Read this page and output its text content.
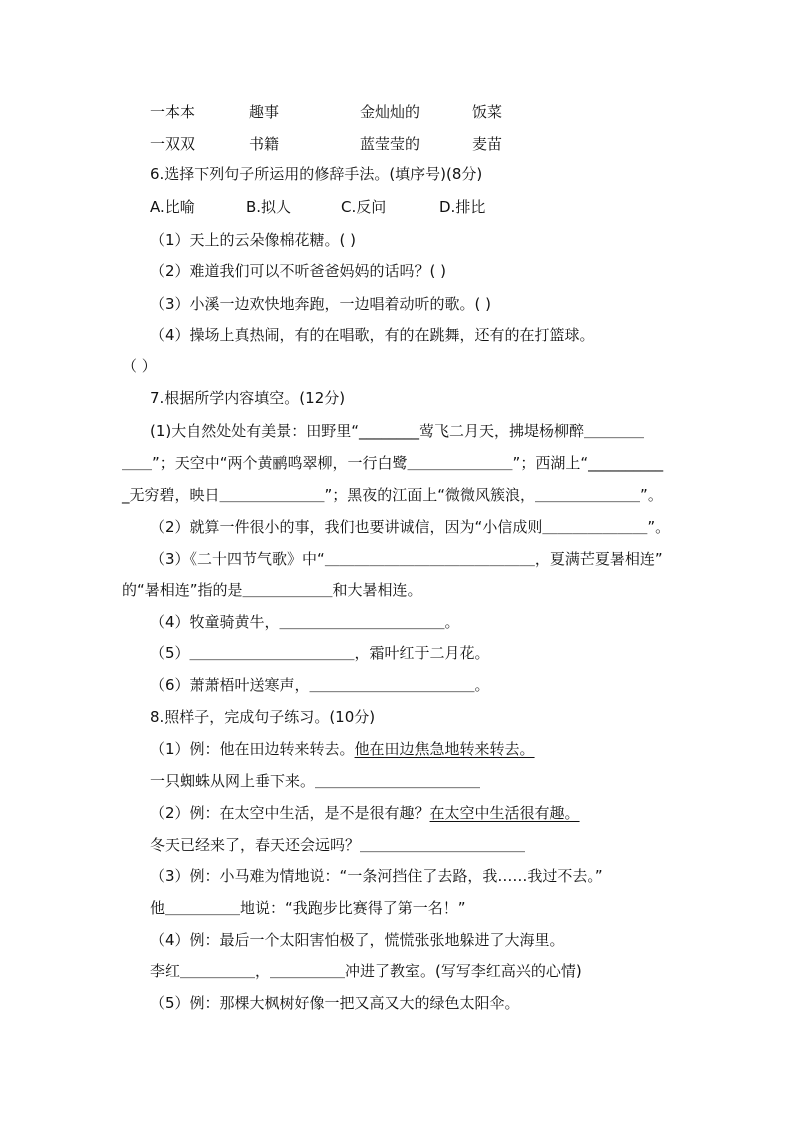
一本本	趣事	金灿灿的	饭菜
一双双	书籍	蓝莹莹的	麦苗
6.选择下列句子所运用的修辞手法。(填序号)(8分)
A.比喻	B.拟人	C.反问	D.排比
（1）天上的云朵像棉花糖。( )
（2）难道我们可以不听爸爸妈妈的话吗？( )
（3）小溪一边欢快地奔跑，一边唱着动听的歌。( )
（4）操场上真热闹，有的在唱歌，有的在跳舞，还有的在打篮球。
（ ）
7.根据所学内容填空。(12分)
(1)大自然处处有美景：田野里“________莺飞二月天，拂堤杨柳醉＿＿＿＿
＿＿”；天空中“两个黄鹂鸣翠柳，一行白鹭＿＿＿＿＿＿＿”；西湖上“__________
_无穷碧，映日＿＿＿＿＿＿＿”；黑夜的江面上“微微风簇浪，＿＿＿＿＿＿＿”。
（2）就算一件很小的事，我们也要讲诚信，因为“小信成则＿＿＿＿＿＿＿”。
（3）《二十四节气歌》中“＿＿＿＿＿＿＿＿＿＿＿＿＿＿，夏满芒夏暑相连”
的“暑相连”指的是＿＿＿＿＿＿和大暑相连。
（4）牧童骑黄牛，＿＿＿＿＿＿＿＿＿＿＿。
（5）＿＿＿＿＿＿＿＿＿＿＿，霜叶红于二月花。
（6）萧萧梧叶送寒声，＿＿＿＿＿＿＿＿＿＿＿。
8.照样子，完成句子练习。(10分)
（1）例：他在田边转来转去。他在田边焦急地转来转去。
一只蜘蛛从网上垂下来。＿＿＿＿＿＿＿＿＿＿＿
（2）例：在太空中生活，是不是很有趣？在太空中生活很有趣。
冬天已经来了，春天还会远吗？＿＿＿＿＿＿＿＿＿＿＿
（3）例：小马难为情地说：“一条河挡住了去路，我……我过不去。”
他＿＿＿＿＿地说：“我跑步比赛得了第一名！”
（4）例：最后一个太阳害怕极了，慌慌张张地躲进了大海里。
李红＿＿＿＿＿，＿＿＿＿＿冲进了教室。(写写李红高兴的心情)
（5）例：那棵大枫树好像一把又高又大的绿色太阳伞。
